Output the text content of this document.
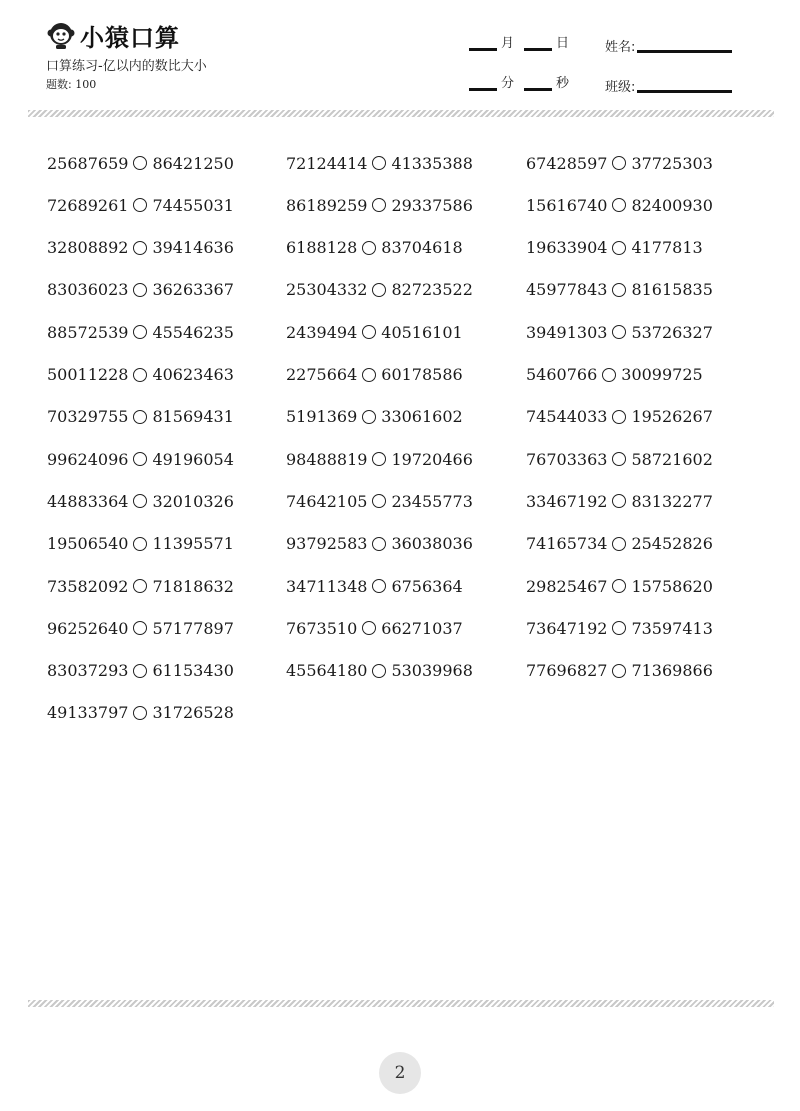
小猿口算
口算练习-亿以内的数比大小
题数: 100
月	日	姓名:
分	秒	班级:
25687659 86421250	72124414 41335388	67428597 37725303
72689261 74455031	86189259 29337586	15616740 82400930
32808892 39414636	6188128 83704618	19633904 4177813
83036023 36263367	25304332 82723522	45977843 81615835
88572539 45546235	2439494 40516101	39491303 53726327
50011228 40623463	2275664 60178586	5460766 30099725
70329755 81569431	5191369 33061602	74544033 19526267
99624096 49196054	98488819 19720466	76703363 58721602
44883364 32010326	74642105 23455773	33467192 83132277
19506540 11395571	93792583 36038036	74165734 25452826
73582092 71818632	34711348 6756364	29825467 15758620
96252640 57177897	7673510 66271037	73647192 73597413
83037293 61153430	45564180 53039968	77696827 71369866
49133797 31726528
2
